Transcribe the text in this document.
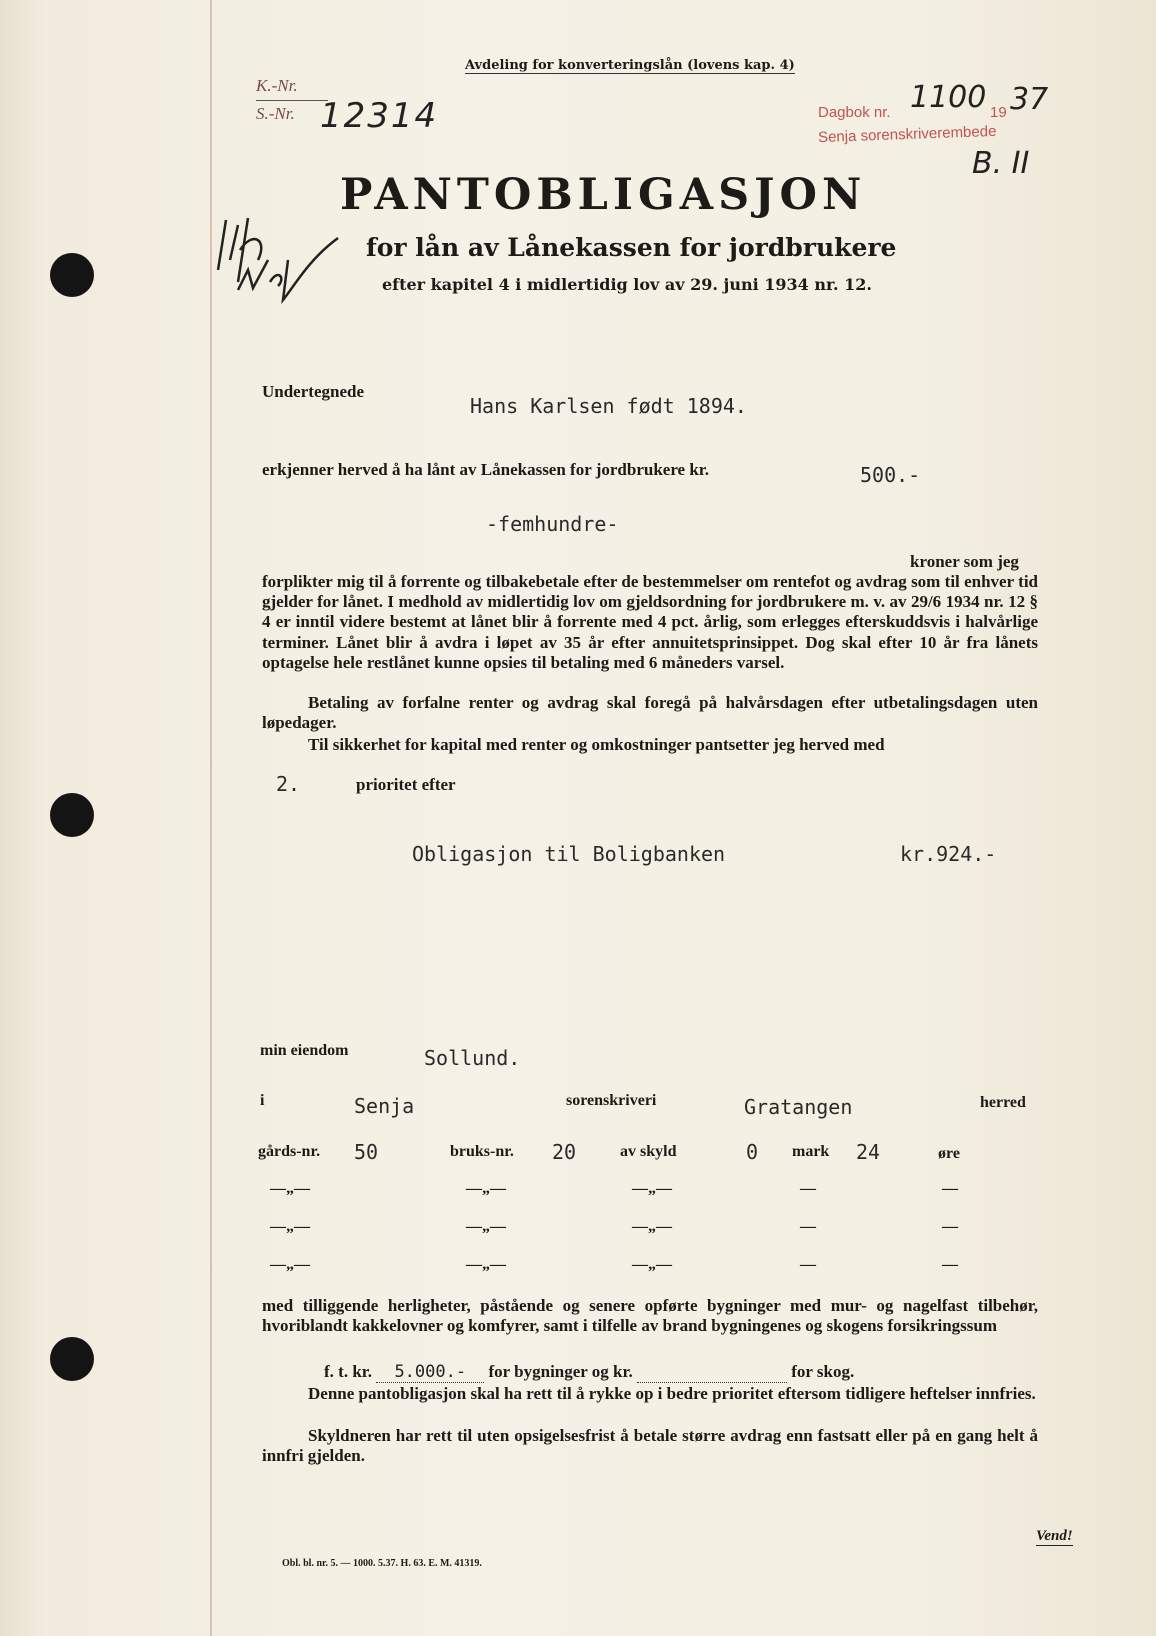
Avdeling for konverteringslån (lovens kap. 4)
K.-Nr.
S.-Nr. 12314	Dagbok nr. 1100 19 37
Senja sorenskriverembede
B. II
PANTOBLIGASJON
for lån av Lånekassen for jordbrukere
efter kapitel 4 i midlertidig lov av 29. juni 1934 nr. 12.
Undertegnede
Hans Karlsen født 1894.
erkjenner herved å ha lånt av Lånekassen for jordbrukere kr.	500.-
-femhundre-
kroner som jeg
forplikter mig til å forrente og tilbakebetale efter de bestemmelser om rentefot og avdrag som til enhver tid gjelder for lånet. I medhold av midlertidig lov om gjeldsordning for jordbrukere m. v. av 29/6 1934 nr. 12 § 4 er inntil videre bestemt at lånet blir å forrente med 4 pct. årlig, som erlegges efterskuddsvis i halvårlige terminer. Lånet blir å avdra i løpet av 35 år efter annuitetsprinsippet. Dog skal efter 10 år fra lånets optagelse hele restlånet kunne opsies til betaling med 6 måneders varsel.
Betaling av forfalne renter og avdrag skal foregå på halvårsdagen efter utbetalingsdagen uten løpedager.
Til sikkerhet for kapital med renter og omkostninger pantsetter jeg herved med
2.	prioritet efter
Obligasjon til Boligbanken	kr.924.-
min eiendom	Sollund.
i	Senja	sorenskriveri	Gratangen	herred
gårds-nr. 50	bruks-nr. 20	av skyld	0 mark 24	øre
—„—	—„—	—„—	—	—
—„—	—„—	—„—	—	—
—„—	—„—	—„—	—	—
med tilliggende herligheter, påstående og senere opførte bygninger med mur- og nagelfast tilbehør, hvoriblandt kakkelovner og komfyrer, samt i tilfelle av brand bygningenes og skogens forsikringssum
f. t. kr. 5.000.- for bygninger og kr.	for skog.
Denne pantobligasjon skal ha rett til å rykke op i bedre prioritet eftersom tidligere heftelser innfries.
Skyldneren har rett til uten opsigelsesfrist å betale større avdrag enn fastsatt eller på en gang helt å innfri gjelden.
Obl. bl. nr. 5. — 1000. 5.37. H. 63. E. M. 41319.
Vend!
